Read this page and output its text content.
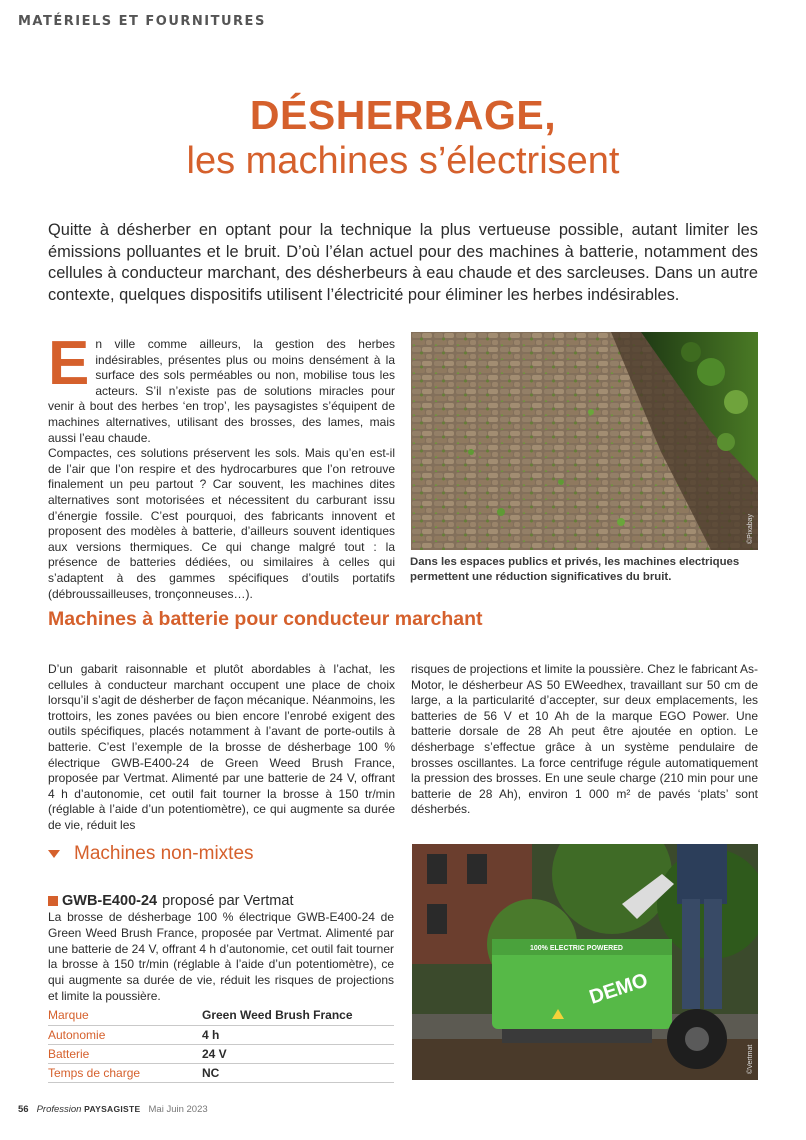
MATÉRIELS ET FOURNITURES
DÉSHERBAGE,
les machines s’électrisent

Quitte à désherber en optant pour la technique la plus vertueuse possible, autant limiter les émissions polluantes et le bruit. D’où l’élan actuel pour des machines à batterie, notamment des cellules à conducteur marchant, des désherbeurs à eau chaude et des sarcleuses. Dans un autre contexte, quelques dispositifs utilisent l’électricité pour éliminer les herbes indésirables.

E n ville comme ailleurs, la gestion des herbes indésirables, présentes plus ou moins densément à la surface des sols perméables ou non, mobilise tous les acteurs. S’il n’existe pas de solutions miracles pour venir à bout des herbes ‘en trop’, les paysagistes s’équipent de machines alternatives, utilisant des brosses, des lames, mais aussi l’eau chaude.

Compactes, ces solutions préservent les sols. Mais qu’en est-il de l’air que l’on respire et des hydrocarbures que l’on retrouve finalement un peu partout ? Car souvent, les machines dites alternatives sont motorisées et nécessitent du carburant issu d’énergie fossile. C’est pourquoi, des fabricants innovent et proposent des modèles à batterie, d’ailleurs souvent identiques aux versions thermiques. Ce qui change malgré tout : la présence de batteries dédiées, ou similaires à celles qui s’adaptent à des gammes spécifiques d’outils portatifs (débroussailleuses, tronçonneuses…).

©Pixabay

Dans les espaces publics et privés, les machines electriques permettent une réduction significatives du bruit.

Machines à batterie pour conducteur marchant

D’un gabarit raisonnable et plutôt abordables à l’achat, les cellules à conducteur marchant occupent une place de choix lorsqu’il s’agit de désherber de façon mécanique. Néanmoins, les trottoirs, les zones pavées ou bien encore l’enrobé exigent des outils spécifiques, placés notamment à l’avant de porte-outils à batterie. C’est l’exemple de la brosse de désherbage 100 % électrique GWB-E400-24 de Green Weed Brush France, proposée par Vertmat. Alimenté par une batterie de 24 V, offrant 4 h d’autonomie, cet outil fait tourner la brosse à 150 tr/min (réglable à l’aide d’un potentiomètre), ce qui augmente sa durée de vie, réduit les

risques de projections et limite la poussière. Chez le fabricant As-Motor, le désherbeur AS 50 EWeedhex, travaillant sur 50 cm de large, a la particularité d’accepter, sur deux emplacements, les batteries de 56 V et 10 Ah de la marque EGO Power. Une batterie dorsale de 28 Ah peut être ajoutée en option. Le désherbage s’effectue grâce à un système pendulaire de brosses oscillantes. La force centrifuge régule automatiquement la pression des brosses. En une seule charge (210 min pour une batterie de 28 Ah), environ 1 000 m² de pavés ‘plats’ sont désherbés.

Machines non-mixtes
GWB-E400-24 proposé par Vertmat

La brosse de désherbage 100 % électrique GWB-E400-24 de Green Weed Brush France, proposée par Vertmat. Alimenté par une batterie de 24 V, offrant 4 h d’autonomie, cet outil fait tourner la brosse à 150 tr/min (réglable à l’aide d’un potentiomètre), ce qui augmente sa durée de vie, réduit les risques de projections et limite la poussière.

Marque	Green Weed Brush France
Autonomie	4 h
Batterie	24 V
Temps de charge	NC
DEMO
100% ELECTRIC POWERED
©Vertmat
56 Profession PAYSAGISTE Mai Juin 2023
